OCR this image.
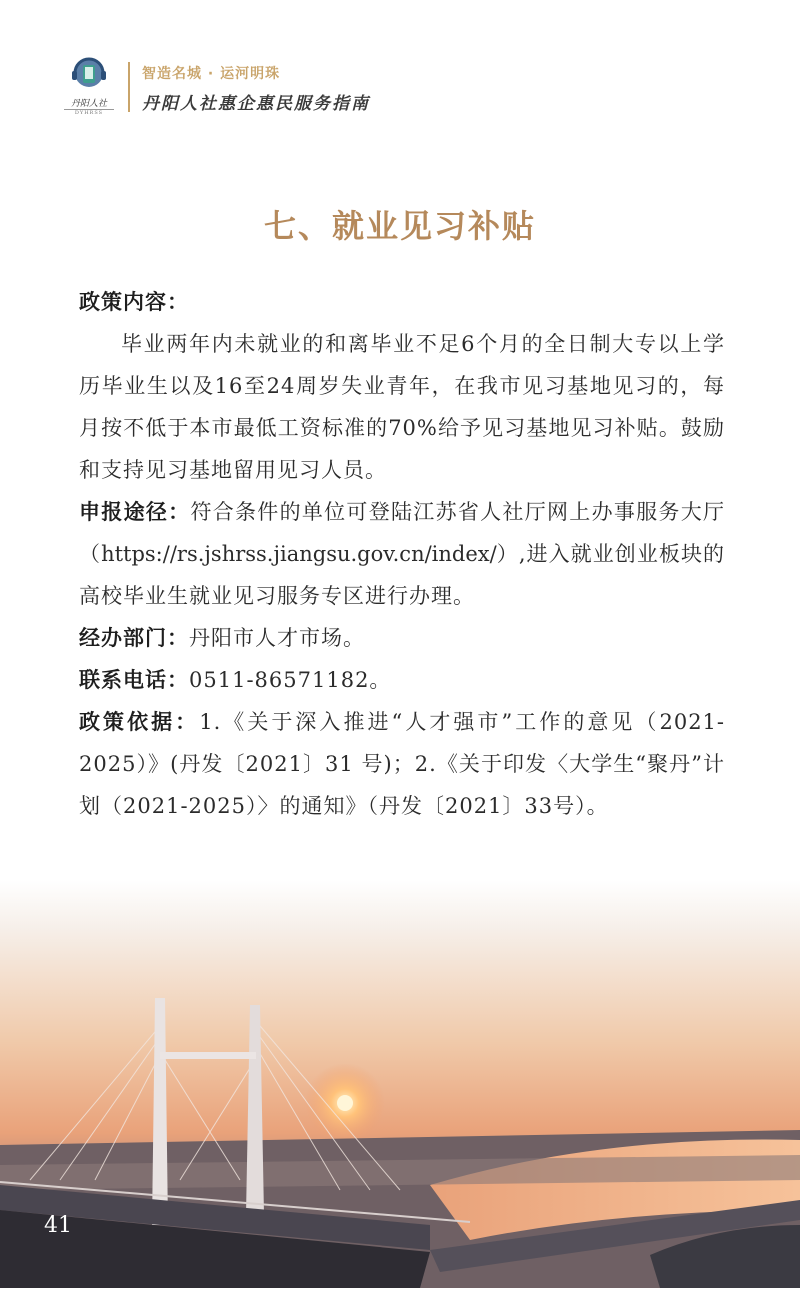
丹阳人社
DYHRSS
智造名城 · 运河明珠
丹阳人社惠企惠民服务指南
七、就业见习补贴

政策内容：

毕业两年内未就业的和离毕业不足6个月的全日制大专以上学历毕业生以及16至24周岁失业青年，在我市见习基地见习的，每月按不低于本市最低工资标准的70%给予见习基地见习补贴。鼓励和支持见习基地留用见习人员。

申报途径：符合条件的单位可登陆江苏省人社厅网上办事服务大厅（https://rs.jshrss.jiangsu.gov.cn/index/）,进入就业创业板块的高校毕业生就业见习服务专区进行办理。

经办部门：丹阳市人才市场。

联系电话：0511-86571182。

政策依据：1.《关于深入推进“人才强市”工作的意见（2021-2025）》(丹发〔2021〕31 号)；2.《关于印发〈大学生“聚丹”计划（2021-2025）〉的通知》（丹发〔2021〕33号）。

41
